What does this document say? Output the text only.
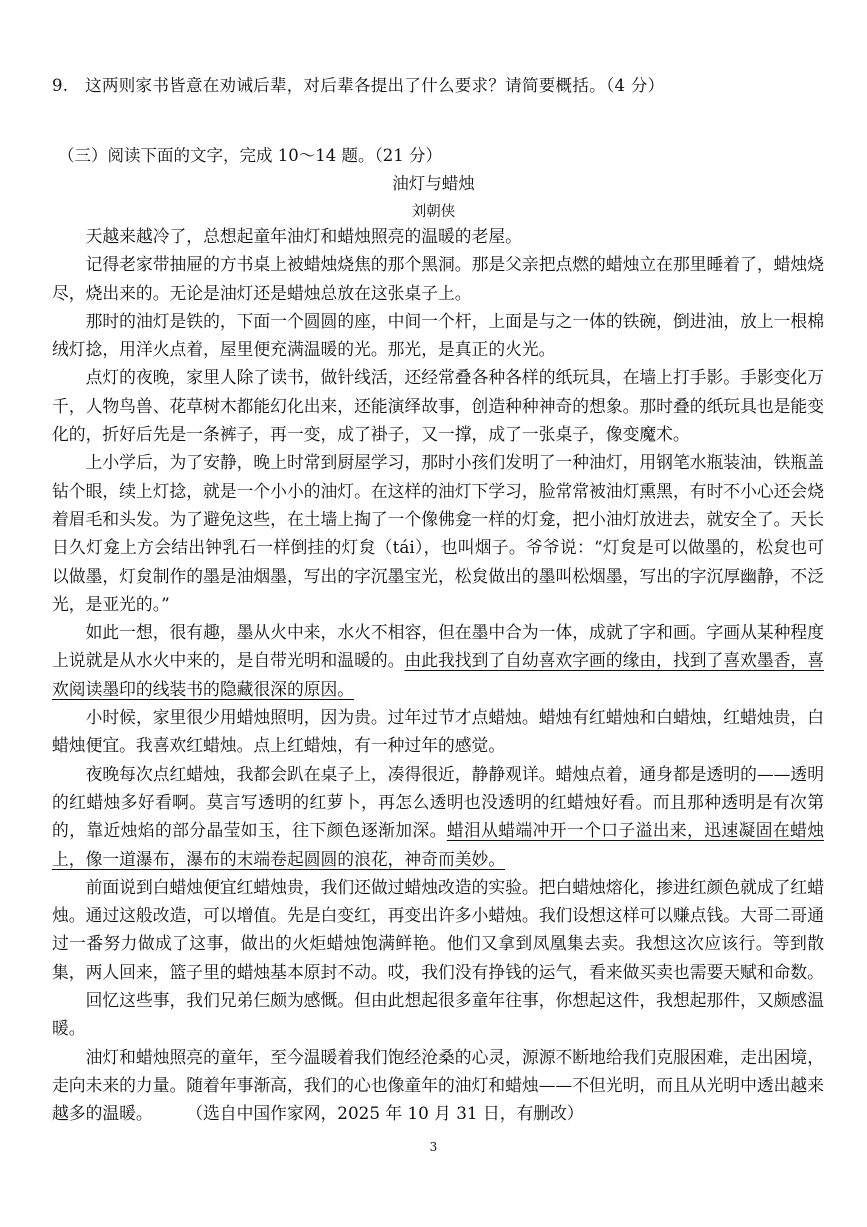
9.　这两则家书皆意在劝诫后辈，对后辈各提出了什么要求？请简要概括。（4 分）
（三）阅读下面的文字，完成 10～14 题。（21 分）
油灯与蜡烛
刘朝侠

天越来越冷了，总想起童年油灯和蜡烛照亮的温暖的老屋。

记得老家带抽屉的方书桌上被蜡烛烧焦的那个黑洞。那是父亲把点燃的蜡烛立在那里睡着了，蜡烛烧尽，烧出来的。无论是油灯还是蜡烛总放在这张桌子上。

那时的油灯是铁的，下面一个圆圆的座，中间一个杆，上面是与之一体的铁碗，倒进油，放上一根棉绒灯捻，用洋火点着，屋里便充满温暖的光。那光，是真正的火光。

点灯的夜晚，家里人除了读书，做针线活，还经常叠各种各样的纸玩具，在墙上打手影。手影变化万千，人物鸟兽、花草树木都能幻化出来，还能演绎故事，创造种种神奇的想象。那时叠的纸玩具也是能变化的，折好后先是一条裤子，再一变，成了褂子，又一撑，成了一张桌子，像变魔术。

上小学后，为了安静，晚上时常到厨屋学习，那时小孩们发明了一种油灯，用钢笔水瓶装油，铁瓶盖钻个眼，续上灯捻，就是一个小小的油灯。在这样的油灯下学习，脸常常被油灯熏黑，有时不小心还会烧着眉毛和头发。为了避免这些，在土墙上掏了一个像佛龛一样的灯龛，把小油灯放进去，就安全了。天长日久灯龛上方会结出钟乳石一样倒挂的灯炱（tái），也叫烟子。爷爷说：“灯炱是可以做墨的，松炱也可以做墨，灯炱制作的墨是油烟墨，写出的字沉墨宝光，松炱做出的墨叫松烟墨，写出的字沉厚幽静，不泛光，是亚光的。”

如此一想，很有趣，墨从火中来，水火不相容，但在墨中合为一体，成就了字和画。字画从某种程度上说就是从水火中来的，是自带光明和温暖的。由此我找到了自幼喜欢字画的缘由，找到了喜欢墨香，喜欢阅读墨印的线装书的隐藏很深的原因。

小时候，家里很少用蜡烛照明，因为贵。过年过节才点蜡烛。蜡烛有红蜡烛和白蜡烛，红蜡烛贵，白蜡烛便宜。我喜欢红蜡烛。点上红蜡烛，有一种过年的感觉。

夜晚每次点红蜡烛，我都会趴在桌子上，凑得很近，静静观详。蜡烛点着，通身都是透明的——透明的红蜡烛多好看啊。莫言写透明的红萝卜，再怎么透明也没透明的红蜡烛好看。而且那种透明是有次第的，靠近烛焰的部分晶莹如玉，往下颜色逐渐加深。蜡泪从蜡端冲开一个口子溢出来，迅速凝固在蜡烛上，像一道瀑布，瀑布的末端卷起圆圆的浪花，神奇而美妙。

前面说到白蜡烛便宜红蜡烛贵，我们还做过蜡烛改造的实验。把白蜡烛熔化，掺进红颜色就成了红蜡烛。通过这般改造，可以增值。先是白变红，再变出许多小蜡烛。我们设想这样可以赚点钱。大哥二哥通过一番努力做成了这事，做出的火炬蜡烛饱满鲜艳。他们又拿到凤凰集去卖。我想这次应该行。等到散集，两人回来，篮子里的蜡烛基本原封不动。哎，我们没有挣钱的运气，看来做买卖也需要天赋和命数。

回忆这些事，我们兄弟仨颇为感慨。但由此想起很多童年往事，你想起这件，我想起那件，又颇感温暖。

油灯和蜡烛照亮的童年，至今温暖着我们饱经沧桑的心灵，源源不断地给我们克服困难，走出困境，走向未来的力量。随着年事渐高，我们的心也像童年的油灯和蜡烛——不但光明，而且从光明中透出越来越多的温暖。　　　	（选自中国作家网，2025 年 10 月 31 日，有删改）

3
